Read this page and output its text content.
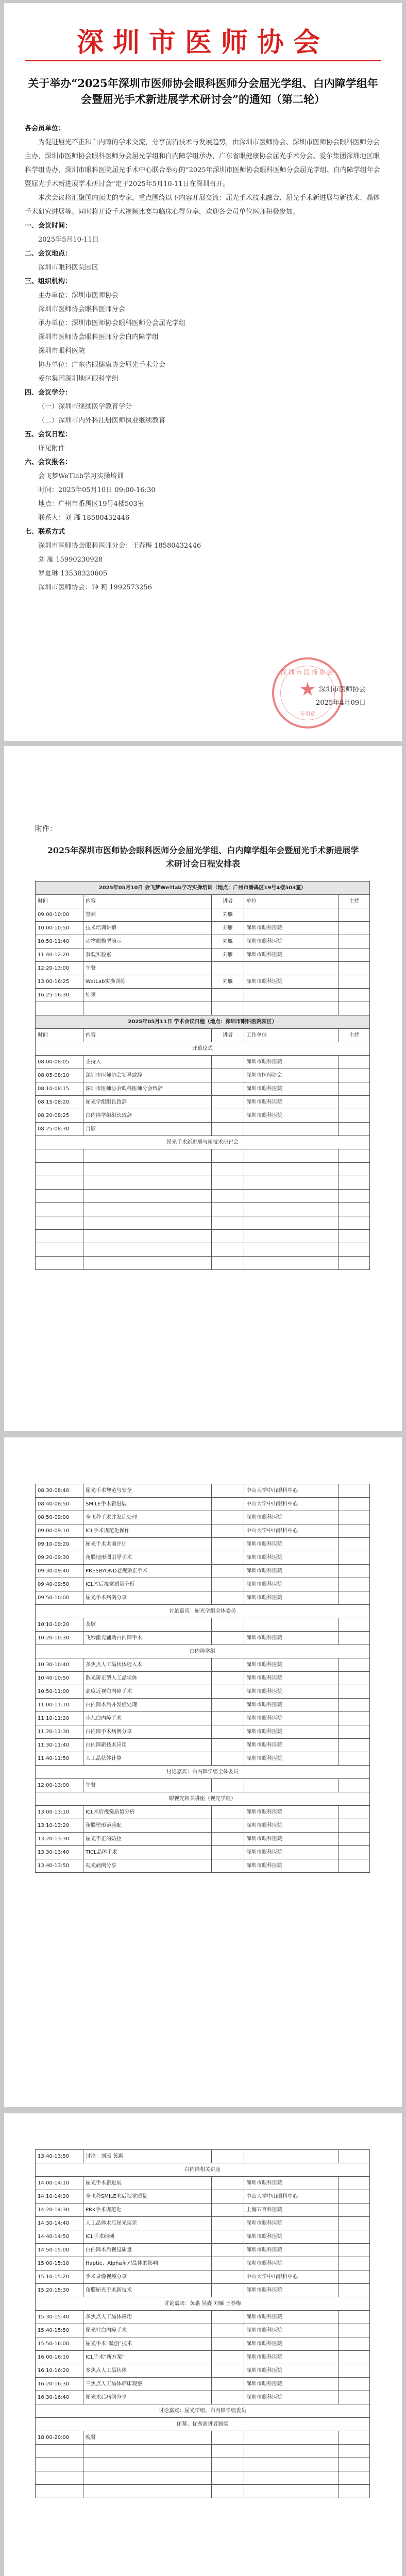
深圳市医师协会
关于举办“2025年深圳市医师协会眼科医师分会屈光学组、白内障学组年会暨屈光手术新进展学术研讨会”的通知（第二轮）

各会员单位：

为促进屈光不正和白内障的学术交流，分享前沿技术与发展趋势，由深圳市医师协会、深圳市医师协会眼科医师分会主办，深圳市医师协会眼科医师分会屈光学组和白内障学组承办，广东省眼健康协会屈光手术分会、爱尔集团深圳地区眼科学组协办，深圳市眼科医院屈光手术中心联合举办的“2025年深圳市医师协会眼科医师分会屈光学组、白内障学组年会暨屈光手术新进展学术研讨会”定于2025年5月10-11日在深圳召开。

本次会议将汇聚国内顶尖的专家，重点围绕以下内容开展交流：屈光手术技术融合、屈光手术新进展与新技术、晶体手术研究进展等。同时将开设手术视频比赛与临床心得分享，欢迎各会员单位医师积极参加。

一、会议时间：

2025年5月10-11日

二、会议地点：

深圳市眼科医院园区

三、组织机构：

主办单位：深圳市医师协会

深圳市医师协会眼科医师分会

承办单位：深圳市医师协会眼科医师分会屈光学组

深圳市医师协会眼科医师分会白内障学组

深圳市眼科医院

协办单位：广东省眼健康协会屈光手术分会

爱尔集团深圳地区眼科学组

四、会议学分：

（一）深圳市继续医学教育学分

（二）深圳市内外科注册医师执业继续教育

五、会议日程：

详见附件

六、会议报名：

会飞梦WeTlab学习实操培训

时间：2025年05月10日 09:00-16:30

地点：广州市番禺区19号4楼503室

联系人：刘 雁 18580432446

七、联系方式

深圳市医师协会眼科医师分会：王春梅 18580432446

刘 雁 15990230928

罗夏琳 13538320605

深圳市医师协会：钟 莉 1992573256

深圳市医师协会
2025年4月09日
深圳市医师协会
★
专用章
附件：
2025年深圳市医师协会眼科医师分会屈光学组、白内障学组年会暨屈光手术新进展学术研讨会日程安排表
2025年05月10日 会飞梦WeTlab学习实操培训（地点：广州市番禺区19号4楼503室）				
时间	内容	讲者	单位	主持
09:00-10:00	签到	刘雁		
10:00-10:50	技术培训讲解	刘雁	深圳市眼科医院	
10:50-11:40	动物眼模型演示	刘雁	深圳市眼科医院	
11:40-12:20	参观实验室	刘雁	深圳市眼科医院	
12:20-13:00	午餐			
13:00-16:25	WetLab实操训练	刘雁	深圳市眼科医院	
16:25-16:30	结束			

2025年05月11日 学术会议日程（地点：深圳市眼科医院园区）				
时间	内容	讲者	工作单位	主持
开幕仪式				
08:00-08:05	主持人		深圳市眼科医院	
08:05-08:10	深圳市医师协会领导致辞		深圳市医师协会	
08:10-08:15	深圳市医师协会眼科医师分会致辞		深圳市眼科医院	
08:15-08:20	屈光学组组长致辞		深圳市眼科医院	
08:20-08:25	白内障学组组长致辞		深圳市眼科医院	
08:25-08:30	合影			
屈光手术新进展与新技术研讨会				

08:30-08:40	屈光手术规范与安全		中山大学中山眼科中心	
08:40-08:50	SMILE手术新进展		中山大学中山眼科中心	
08:50-09:00	全飞秒手术并发症处理		深圳市眼科医院	
09:00-09:10	ICL手术规范化操作		中山大学中山眼科中心	
09:10-09:20	屈光手术术前评估		深圳市眼科医院	
09:20-09:30	角膜地形图引导手术		深圳市眼科医院	
09:30-09:40	PRESBYOND老视矫正手术		深圳市眼科医院	
09:40-09:50	ICL术后视觉质量分析		深圳市眼科医院	
09:50-10:00	屈光手术病例分享		深圳市眼科医院	
讨论嘉宾：屈光学组全体委员				
10:10-10:20	茶歇			
10:20-10:30	飞秒激光辅助白内障手术		深圳市眼科医院	
白内障学组				
10:30-10:40	多焦点人工晶状体植入术		深圳市眼科医院	
10:40-10:50	散光矫正型人工晶状体		深圳市眼科医院	
10:50-11:00	高度近视白内障手术		深圳市眼科医院	
11:00-11:10	白内障术后并发症处理		深圳市眼科医院	
11:10-11:20	小儿白内障手术		深圳市眼科医院	
11:20-11:30	白内障手术病例分享		深圳市眼科医院	
11:30-11:40	白内障新技术应用		深圳市眼科医院	
11:40-11:50	人工晶状体计算		深圳市眼科医院	
讨论嘉宾：白内障学组全体委员				
12:00-13:00	午餐			
眼视光相关讲座（视光学组）				
13:00-13:10	ICL术后视觉质量分析		深圳市眼科医院	
13:10-13:20	角膜塑形镜验配		深圳市眼科医院	
13:20-13:30	屈光不正的防控		深圳市眼科医院	
13:30-13:40	TICL晶体手术		深圳市眼科医院	
13:40-13:50	视光病例分享		深圳市眼科医院	
13:40-13:50	讨论：刘雁 黄惠			
白内障相关讲座				
14:00-14:10	屈光手术新进展		深圳市眼科医院	
14:10-14:20	全飞秒SMILE术后视觉质量		中山大学中山眼科中心	
14:20-14:30	PRK手术规范化		上海五官科医院	
14:30-14:40	人工晶体术后屈光误差		深圳市眼科医院	
14:40-14:50	ICL手术病例		深圳市眼科医院	
14:50-15:00	白内障术后视觉质量		深圳市眼科医院	
15:00-15:10	Haptic、Alpha角对晶体的影响		深圳市眼科医院	
15:10-15:20	手术录像视频分享		中山大学中山眼科中心	
15:20-15:30	角膜屈光手术新技术		深圳市眼科医院	
讨论嘉宾：黄惠 吴鑫 刘雁 王春梅				
15:30-15:40	多焦点人工晶体应用		深圳市眼科医院	
15:40-15:50	屈光性白内障手术		深圳市眼科医院	
15:50-16:00	屈光手术“微创”技术		深圳市眼科医院	
16:00-16:10	ICL手术“新方案”		深圳市眼科医院	
16:10-16:20	多焦点人工晶状体		深圳市眼科医院	
16:20-16:30	三焦点人工晶体临床观察		深圳市眼科医院	
16:30-16:40	屈光术后病例分享		深圳市眼科医院	
讨论嘉宾：屈光学组、白内障学组委员				
闭幕、优秀演讲者颁奖				
18:00-20:00	晚餐			
